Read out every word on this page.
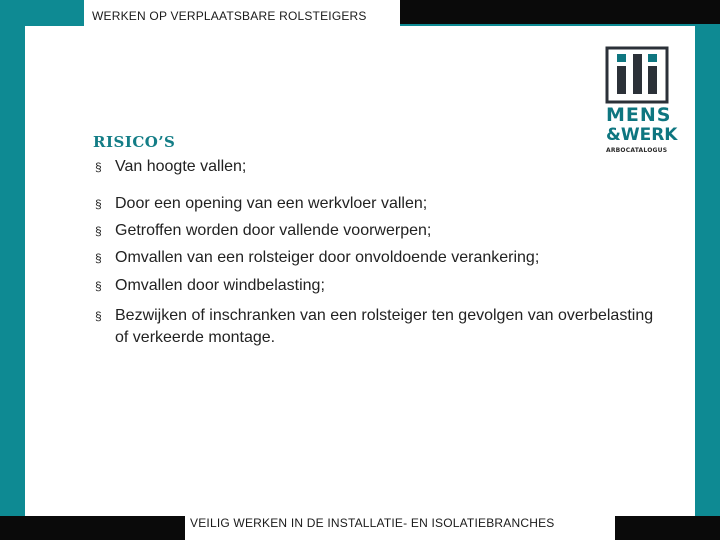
WERKEN OP VERPLAATSBARE ROLSTEIGERS
MENS
&WERK
ARBOCATALOGUS
RISICO’S
§ Van hoogte vallen;
§ Door een opening van een werkvloer vallen;
§ Getroffen worden door vallende voorwerpen;
§ Omvallen van een rolsteiger door onvoldoende verankering;
§ Omvallen door windbelasting;
§ Bezwijken of inschranken van een rolsteiger ten gevolgen van overbelasting of verkeerde montage.
VEILIG WERKEN IN DE INSTALLATIE- EN ISOLATIEBRANCHES
